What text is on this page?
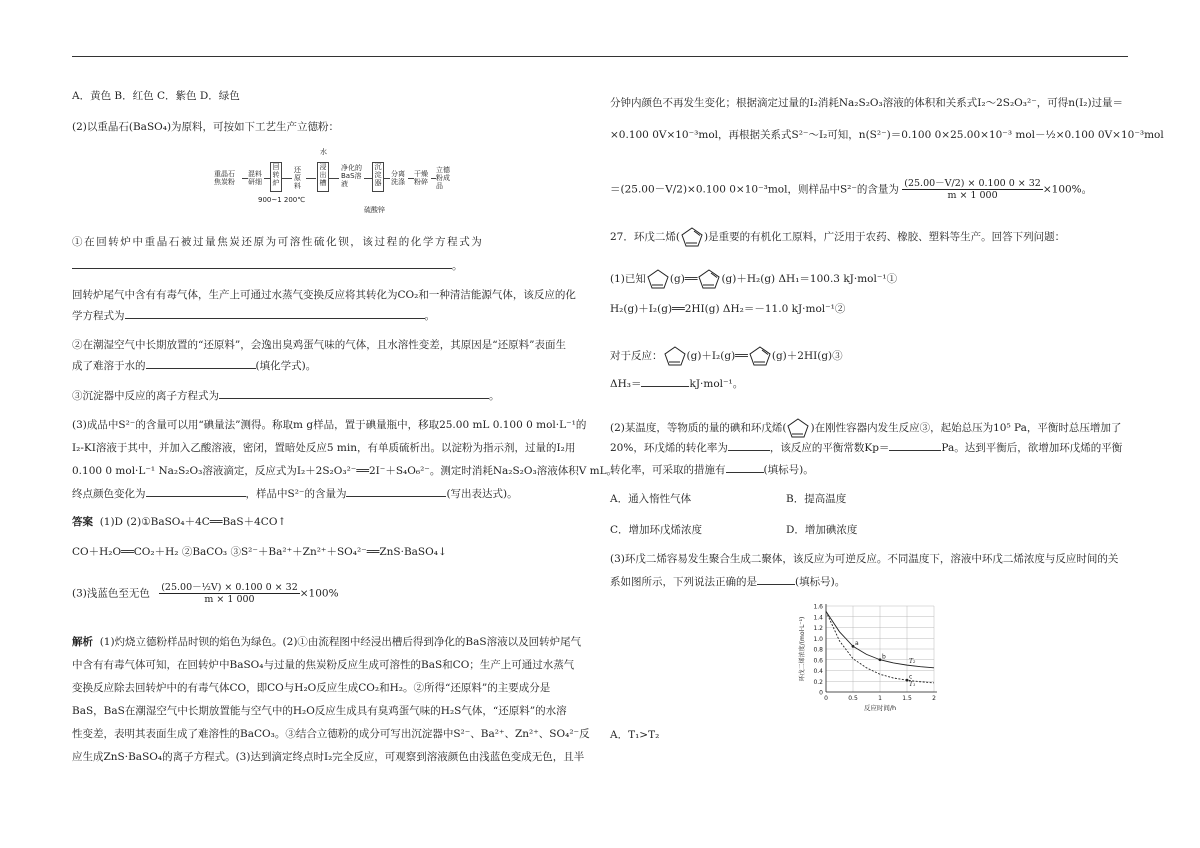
A．黄色 B．红色 C．紫色 D．绿色
(2)以重晶石(BaSO₄)为原料，可按如下工艺生产立德粉：
重晶石
焦炭粉
混料
研细
回
转
炉
900~1 200℃
还
原
料
水
浸
出
槽
净化的
BaS溶
液
沉
淀
器
硫酸锌
分离
洗涤
干燥
粉碎
立德
粉成
品
①在回转炉中重晶石被过量焦炭还原为可溶性硫化钡，该过程的化学方程式为
。
回转炉尾气中含有有毒气体，生产上可通过水蒸气变换反应将其转化为CO₂和一种清洁能源气体，该反应的化
学方程式为	。
②在潮湿空气中长期放置的“还原料”，会逸出臭鸡蛋气味的气体，且水溶性变差，其原因是“还原料”表面生
成了难溶于水的	(填化学式)。
③沉淀器中反应的离子方程式为	。
(3)成品中S²⁻的含量可以用“碘量法”测得。称取m g样品，置于碘量瓶中，移取25.00 mL 0.100 0 mol·L⁻¹的
I₂-KI溶液于其中，并加入乙酸溶液，密闭，置暗处反应5 min，有单质硫析出。以淀粉为指示剂，过量的I₂用
0.100 0 mol·L⁻¹ Na₂S₂O₃溶液滴定，反应式为I₂＋2S₂O₃²⁻══2I⁻＋S₄O₆²⁻。测定时消耗Na₂S₂O₃溶液体积V mL。
终点颜色变化为	，样品中S²⁻的含量为	(写出表达式)。
答案 (1)D (2)①BaSO₄＋4C══BaS＋4CO↑
CO＋H₂O══CO₂＋H₂ ②BaCO₃ ③S²⁻＋Ba²⁺＋Zn²⁺＋SO₄²⁻══ZnS·BaSO₄↓
(3)浅蓝色至无色 $\frac{\text{(25.00－½V) × 0.100 0 × 32}}{m \times 1 000} \times 100\%$
解析 (1)灼烧立德粉样品时钡的焰色为绿色。(2)①由流程图中经浸出槽后得到净化的BaS溶液以及回转炉尾气
中含有有毒气体可知，在回转炉中BaSO₄与过量的焦炭粉反应生成可溶性的BaS和CO；生产上可通过水蒸气
变换反应除去回转炉中的有毒气体CO，即CO与H₂O反应生成CO₂和H₂。②所得“还原料”的主要成分是
BaS，BaS在潮湿空气中长期放置能与空气中的H₂O反应生成具有臭鸡蛋气味的H₂S气体，“还原料”的水溶
性变差，表明其表面生成了难溶性的BaCO₃。③结合立德粉的成分可写出沉淀器中S²⁻、Ba²⁺、Zn²⁺、SO₄²⁻反
应生成ZnS·BaSO₄的离子方程式。(3)达到滴定终点时I₂完全反应，可观察到溶液颜色由浅蓝色变成无色，且半
分钟内颜色不再发生变化；根据滴定过量的I₂消耗Na₂S₂O₃溶液的体积和关系式I₂～2S₂O₃²⁻，可得n(I₂)过量＝
×0.100 0V×10⁻³mol，再根据关系式S²⁻～I₂可知，n(S²⁻)＝0.100 0×25.00×10⁻³ mol－½×0.100 0V×10⁻³mol
＝(25.00－V/2)×0.100 0×10⁻³mol，则样品中S²⁻的含量为 $\frac{(25.00-V/2) \times 0.100 0 \times 32}{m \times 1 000} \times 100\%$。
27．环戊二烯( )是重要的有机化工原料，广泛用于农药、橡胶、塑料等生产。回答下列问题：
(1)已知 (g)══ (g)＋H₂(g) ΔH₁＝100.3 kJ·mol⁻¹①
H₂(g)＋I₂(g)══2HI(g) ΔH₂＝－11.0 kJ·mol⁻¹②
对于反应： (g)＋I₂(g)══ (g)＋2HI(g)③
ΔH₃＝	kJ·mol⁻¹。
(2)某温度，等物质的量的碘和环戊烯( )在刚性容器内发生反应③，起始总压为10⁵ Pa，平衡时总压增加了
20%，环戊烯的转化率为	，该反应的平衡常数Kp＝	Pa。达到平衡后，欲增加环戊烯的平衡
转化率，可采取的措施有	(填标号)。
A．通入惰性气体	B．提高温度
C．增加环戊烯浓度	D．增加碘浓度
(3)环戊二烯容易发生聚合生成二聚体，该反应为可逆反应。不同温度下，溶液中环戊二烯浓度与反应时间的关
系如图所示，下列说法正确的是	(填标号)。
0
0.2
0.4
0.6
0.8
1.0
1.2
1.4
1.6
0	0.5	1	1.5	2
反应时间/h
环戊二烯浓度/(mol·L⁻¹)
T₁
T₂
a
b
c
A．T₁>T₂
